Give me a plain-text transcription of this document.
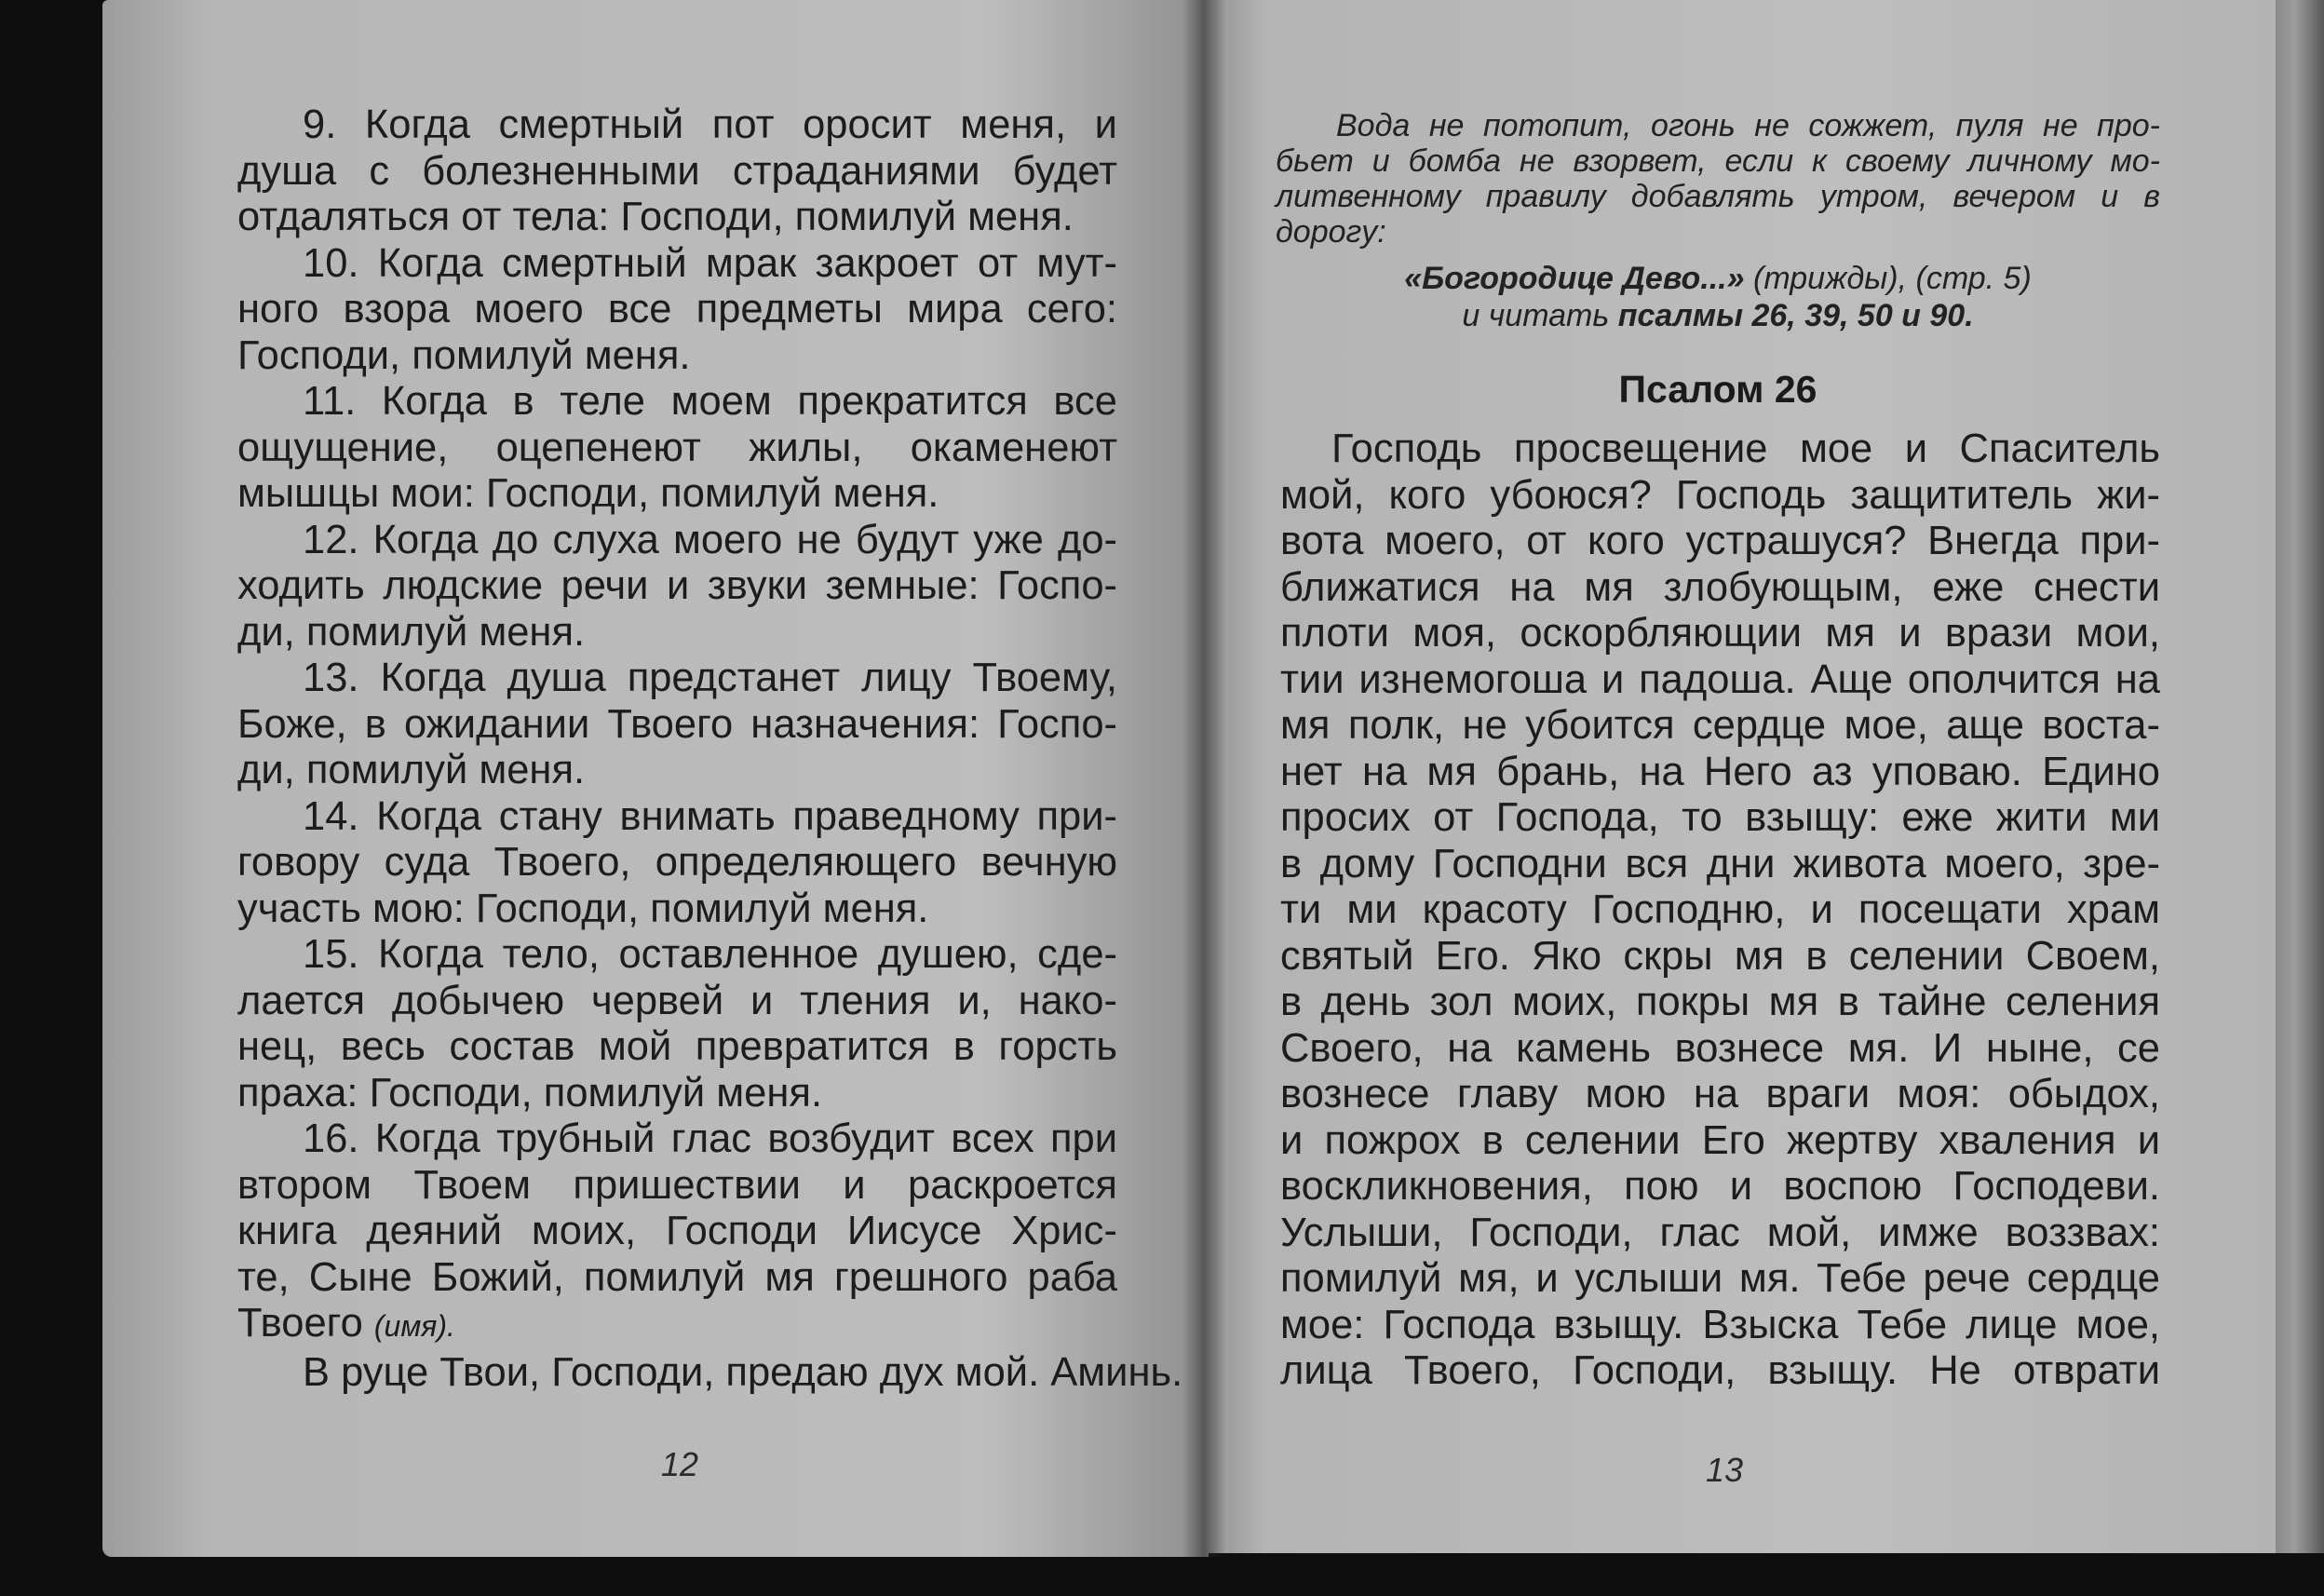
9. Когда смертный пот оросит меня, и
душа с болезненными страданиями будет
отдаляться от тела: Господи, помилуй меня.
10. Когда смертный мрак закроет от мут-
ного взора моего все предметы мира сего:
Господи, помилуй меня.
11. Когда в теле моем прекратится все
ощущение, оцепенеют жилы, окаменеют
мышцы мои: Господи, помилуй меня.
12. Когда до слуха моего не будут уже до-
ходить людские речи и звуки земные: Госпо-
ди, помилуй меня.
13. Когда душа предстанет лицу Твоему,
Боже, в ожидании Твоего назначения: Госпо-
ди, помилуй меня.
14. Когда стану внимать праведному при-
говору суда Твоего, определяющего вечную
участь мою: Господи, помилуй меня.
15. Когда тело, оставленное душею, сде-
лается добычею червей и тления и, нако-
нец, весь состав мой превратится в горсть
праха: Господи, помилуй меня.
16. Когда трубный глас возбудит всех при
втором Твоем пришествии и раскроется
книга деяний моих, Господи Иисусе Хрис-
те, Сыне Божий, помилуй мя грешного раба
Твоего (имя).
В руце Твои, Господи, предаю дух мой. Аминь.
12
Вода не потопит, огонь не сожжет, пуля не про-
бьет и бомба не взорвет, если к своему личному мо-
литвенному правилу добавлять утром, вечером и в
дорогу:
«Богородице Дево...» (трижды), (стр. 5)
и читать псалмы 26, 39, 50 и 90.
Псалом 26
Господь просвещение мое и Спаситель
мой, кого убоюся? Господь защититель жи-
вота моего, от кого устрашуся? Внегда при-
ближатися на мя злобующым, еже снести
плоти моя, оскорбляющии мя и врази мои,
тии изнемогоша и падоша. Аще ополчится на
мя полк, не убоится сердце мое, аще воста-
нет на мя брань, на Него аз уповаю. Едино
просих от Господа, то взыщу: еже жити ми
в дому Господни вся дни живота моего, зре-
ти ми красоту Господню, и посещати храм
святый Его. Яко скры мя в селении Своем,
в день зол моих, покры мя в тайне селения
Своего, на камень вознесе мя. И ныне, се
вознесе главу мою на враги моя: обыдох,
и пожрох в селении Его жертву хваления и
воскликновения, пою и воспою Господеви.
Услыши, Господи, глас мой, имже воззвах:
помилуй мя, и услыши мя. Тебе рече сердце
мое: Господа взыщу. Взыска Тебе лице мое,
лица Твоего, Господи, взыщу. Не отврати
13
